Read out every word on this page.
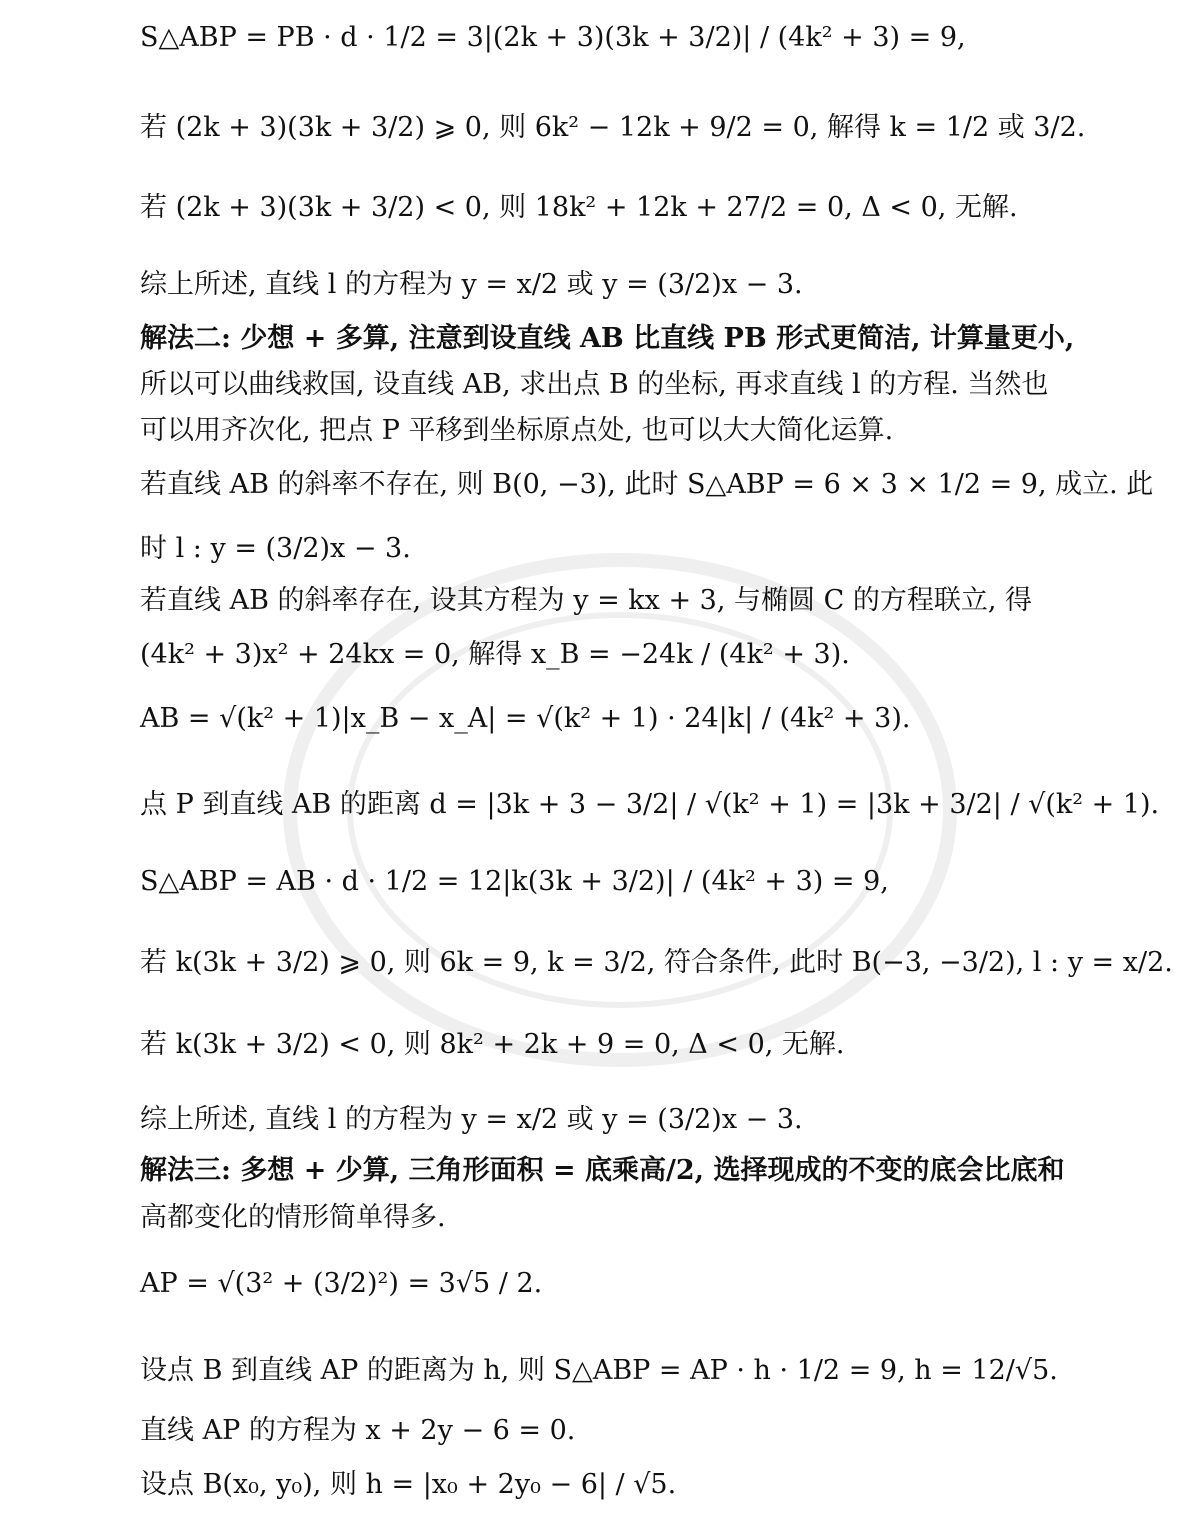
S△ABP = PB · d · 1/2 = 3|(2k + 3)(3k + 3/2)| / (4k² + 3) = 9,
若 (2k + 3)(3k + 3/2) ⩾ 0, 则 6k² − 12k + 9/2 = 0, 解得 k = 1/2 或 3/2.
若 (2k + 3)(3k + 3/2) < 0, 则 18k² + 12k + 27/2 = 0, Δ < 0, 无解.
综上所述, 直线 l 的方程为 y = x/2 或 y = (3/2)x − 3.
解法二: 少想 + 多算, 注意到设直线 AB 比直线 PB 形式更简洁, 计算量更小,
所以可以曲线救国, 设直线 AB, 求出点 B 的坐标, 再求直线 l 的方程. 当然也
可以用齐次化, 把点 P 平移到坐标原点处, 也可以大大简化运算.
若直线 AB 的斜率不存在, 则 B(0, −3), 此时 S△ABP = 6 × 3 × 1/2 = 9, 成立. 此
时 l : y = (3/2)x − 3.
若直线 AB 的斜率存在, 设其方程为 y = kx + 3, 与椭圆 C 的方程联立, 得
(4k² + 3)x² + 24kx = 0, 解得 x_B = −24k / (4k² + 3).
AB = √(k² + 1)|x_B − x_A| = √(k² + 1) · 24|k| / (4k² + 3).
点 P 到直线 AB 的距离 d = |3k + 3 − 3/2| / √(k² + 1) = |3k + 3/2| / √(k² + 1).
S△ABP = AB · d · 1/2 = 12|k(3k + 3/2)| / (4k² + 3) = 9,
若 k(3k + 3/2) ⩾ 0, 则 6k = 9, k = 3/2, 符合条件, 此时 B(−3, −3/2), l : y = x/2.
若 k(3k + 3/2) < 0, 则 8k² + 2k + 9 = 0, Δ < 0, 无解.
综上所述, 直线 l 的方程为 y = x/2 或 y = (3/2)x − 3.
解法三: 多想 + 少算, 三角形面积 = 底乘高/2, 选择现成的不变的底会比底和
高都变化的情形简单得多.
AP = √(3² + (3/2)²) = 3√5 / 2.
设点 B 到直线 AP 的距离为 h, 则 S△ABP = AP · h · 1/2 = 9, h = 12/√5.
直线 AP 的方程为 x + 2y − 6 = 0.
设点 B(x₀, y₀), 则 h = |x₀ + 2y₀ − 6| / √5.
